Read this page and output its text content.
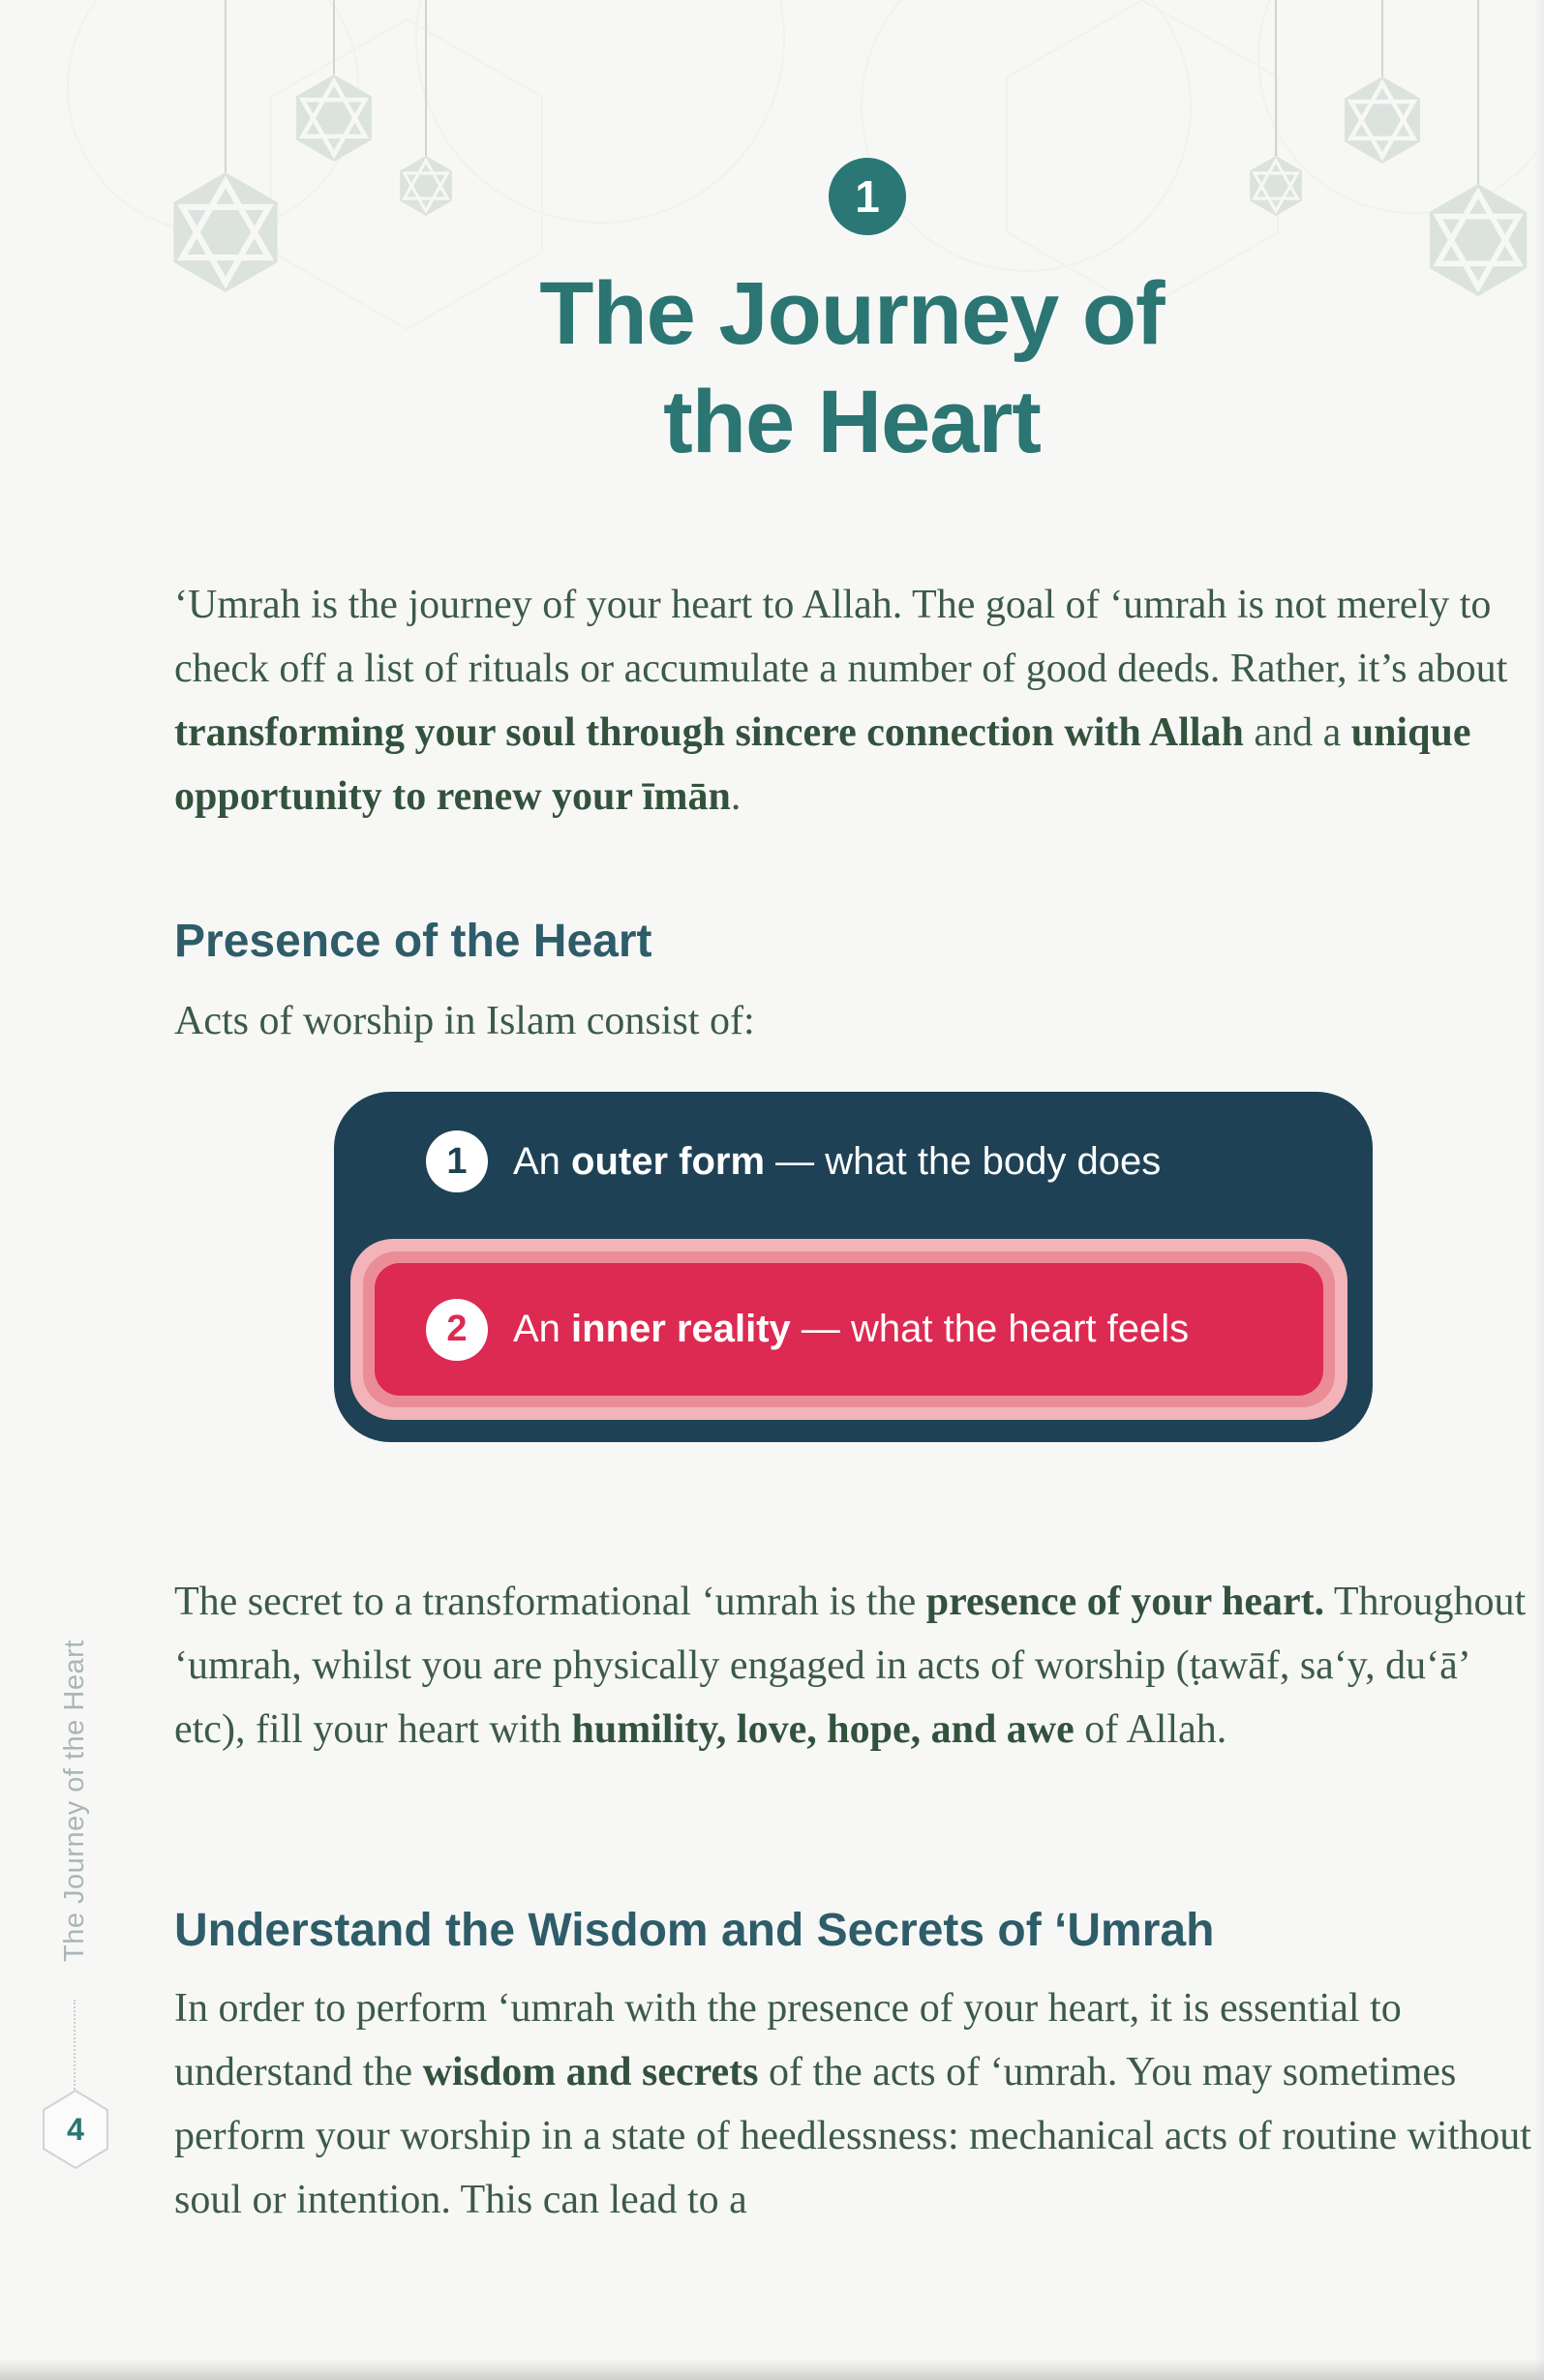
1
The Journey of
the Heart

‘Umrah is the journey of your heart to Allah. The goal of ‘umrah is not merely to check off a list of rituals or accumulate a number of good deeds. Rather, it’s about transforming your soul through sincere connection with Allah and a unique opportunity to renew your īmān.

Presence of the Heart

Acts of worship in Islam consist of:

1	An outer form — what the body does
2	An inner reality — what the heart feels

The secret to a transformational ‘umrah is the presence of your heart. Throughout ‘umrah, whilst you are physically engaged in acts of worship (ṭawāf, sa‘y, du‘ā’ etc), fill your heart with humility, love, hope, and awe of Allah.

Understand the Wisdom and Secrets of ‘Umrah

In order to perform ‘umrah with the presence of your heart, it is essential to understand the wisdom and secrets of the acts of ‘umrah. You may sometimes perform your worship in a state of heedlessness: mechanical acts of routine without soul or intention. This can lead to a

The Journey of the Heart
4
